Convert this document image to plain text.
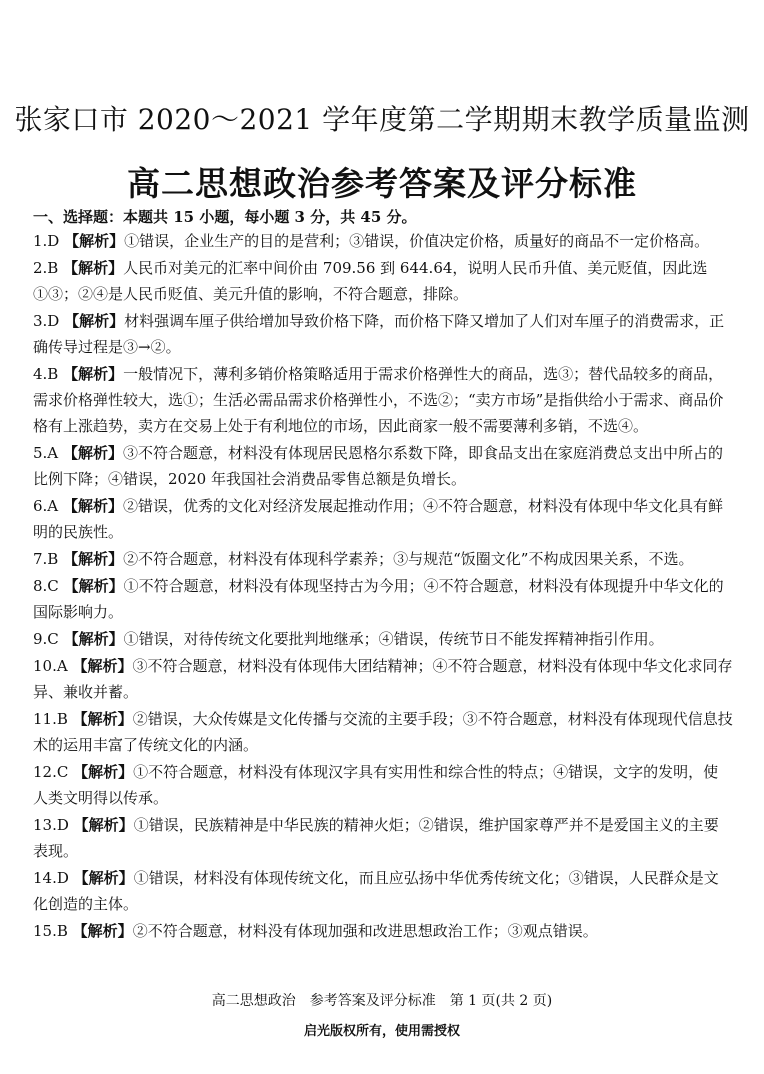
张家口市 2020～2021 学年度第二学期期末教学质量监测
高二思想政治参考答案及评分标准
一、选择题：本题共 15 小题，每小题 3 分，共 45 分。
1.D 【解析】①错误，企业生产的目的是营利；③错误，价值决定价格，质量好的商品不一定价格高。
2.B 【解析】人民币对美元的汇率中间价由 709.56 到 644.64，说明人民币升值、美元贬值，因此选①③；②④是人民币贬值、美元升值的影响，不符合题意，排除。
3.D 【解析】材料强调车厘子供给增加导致价格下降，而价格下降又增加了人们对车厘子的消费需求，正确传导过程是③→②。
4.B 【解析】一般情况下，薄利多销价格策略适用于需求价格弹性大的商品，选③；替代品较多的商品，需求价格弹性较大，选①；生活必需品需求价格弹性小，不选②；“卖方市场”是指供给小于需求、商品价格有上涨趋势，卖方在交易上处于有利地位的市场，因此商家一般不需要薄利多销，不选④。
5.A 【解析】③不符合题意，材料没有体现居民恩格尔系数下降，即食品支出在家庭消费总支出中所占的比例下降；④错误，2020 年我国社会消费品零售总额是负增长。
6.A 【解析】②错误，优秀的文化对经济发展起推动作用；④不符合题意，材料没有体现中华文化具有鲜明的民族性。
7.B 【解析】②不符合题意，材料没有体现科学素养；③与规范“饭圈文化”不构成因果关系，不选。
8.C 【解析】①不符合题意，材料没有体现坚持古为今用；④不符合题意，材料没有体现提升中华文化的国际影响力。
9.C 【解析】①错误，对待传统文化要批判地继承；④错误，传统节日不能发挥精神指引作用。
10.A 【解析】③不符合题意，材料没有体现伟大团结精神；④不符合题意，材料没有体现中华文化求同存异、兼收并蓄。
11.B 【解析】②错误，大众传媒是文化传播与交流的主要手段；③不符合题意，材料没有体现现代信息技术的运用丰富了传统文化的内涵。
12.C 【解析】①不符合题意，材料没有体现汉字具有实用性和综合性的特点；④错误，文字的发明，使人类文明得以传承。
13.D 【解析】①错误，民族精神是中华民族的精神火炬；②错误，维护国家尊严并不是爱国主义的主要表现。
14.D 【解析】①错误，材料没有体现传统文化，而且应弘扬中华优秀传统文化；③错误，人民群众是文化创造的主体。
15.B 【解析】②不符合题意，材料没有体现加强和改进思想政治工作；③观点错误。
高二思想政治　参考答案及评分标准　第 1 页(共 2 页)
启光版权所有，使用需授权
